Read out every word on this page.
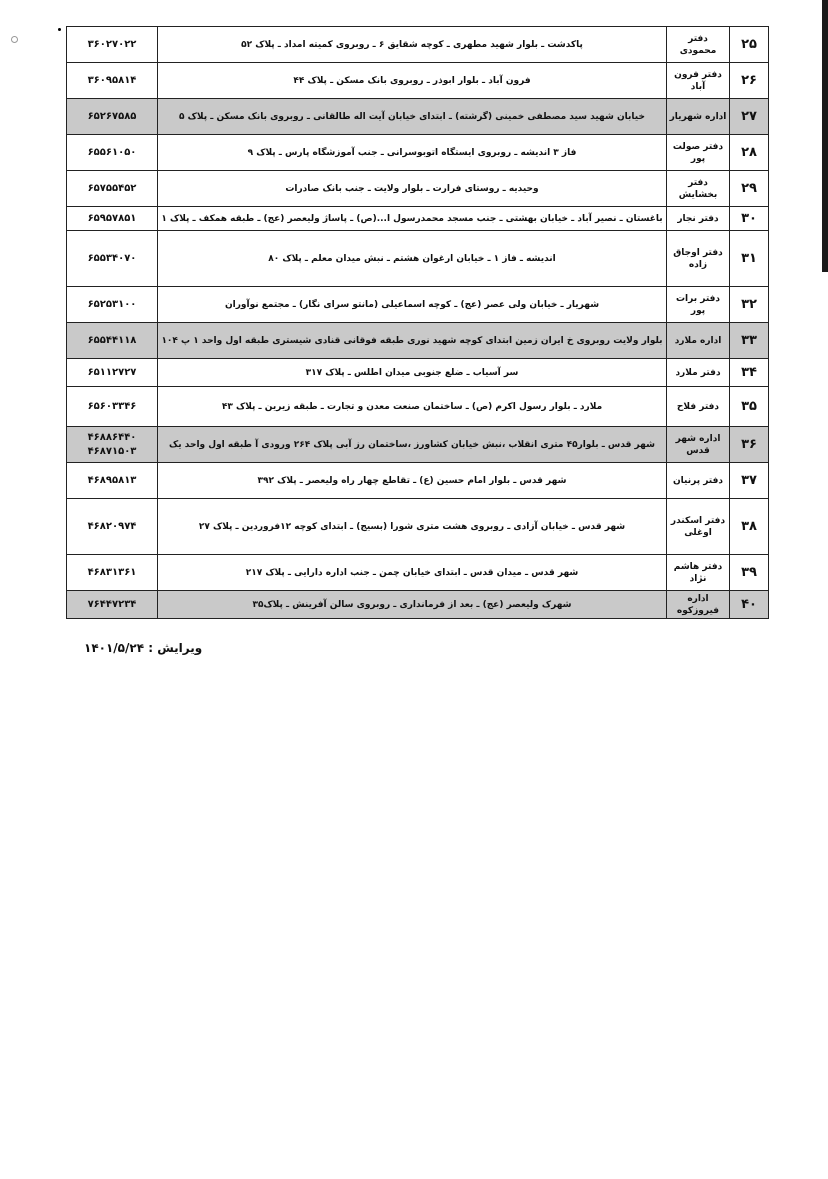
۲۵	دفتر محمودی	پاکدشت ـ بلوار شهید مطهری ـ کوچه شقایق ۶ ـ روبروی کمیته امداد ـ پلاک ۵۲	۳۶۰۲۷۰۲۲

۲۶	دفتر فرون آباد	فرون آباد ـ بلوار ابوذر ـ روبروی بانک مسکن ـ پلاک ۴۴	۳۶۰۹۵۸۱۴

۲۷	اداره شهریار	خیابان شهید سید مصطفی خمینی (گرشته) ـ ابتدای خیابان آیت اله طالقانی ـ روبروی بانک مسکن ـ پلاک ۵	۶۵۲۶۷۵۸۵

۲۸	دفتر صولت پور	فاز ۳ اندیشه ـ روبروی ایستگاه اتوبوسرانی ـ جنب آموزشگاه پارس ـ پلاک ۹	۶۵۵۶۱۰۵۰

۲۹	دفتر بخشایش	وحیدیه ـ روستای فرارت ـ بلوار ولایت ـ جنب بانک صادرات	۶۵۷۵۵۴۵۲

۳۰	دفتر نجار	باغستان ـ نصیر آباد ـ خیابان بهشتی ـ جنب مسجد محمدرسول ا...(ص) ـ پاساژ ولیعصر (عج) ـ طبقه همکف ـ پلاک ۱	۶۵۹۵۷۸۵۱

۳۱	دفتر اوجاق زاده	اندیشه ـ فاز ۱ ـ خیابان ارغوان هشتم ـ نبش میدان معلم ـ پلاک ۸۰	۶۵۵۳۴۰۷۰

۳۲	دفتر برات پور	شهریار ـ خیابان ولی عصر (عج) ـ کوچه اسماعیلی (مانتو سرای نگار) ـ مجتمع نوآوران	۶۵۲۵۳۱۰۰

۳۳	اداره ملارد	بلوار ولایت روبروی خ ایران زمین ابتدای کوچه شهید نوری طبقه فوقانی قنادی شیستری طبقه اول واحد ۱ پ ۱۰۴	۶۵۵۴۴۱۱۸

۳۴	دفتر ملارد	سر آسیاب ـ ضلع جنوبی میدان اطلس ـ پلاک ۳۱۷	۶۵۱۱۲۷۲۷

۳۵	دفتر فلاح	ملارد ـ بلوار رسول اکرم (ص) ـ ساختمان صنعت معدن و تجارت ـ طبقه زیرین ـ پلاک ۴۳	۶۵۶۰۳۳۴۶

۳۶	اداره شهر قدس	شهر قدس ـ بلوار۴۵ متری انقلاب ،نبش خیابان کشاورز ،ساختمان رز آبی پلاک ۲۶۴ ورودی آ طبقه اول واحد یک	۴۶۸۸۶۴۴۰
۴۶۸۷۱۵۰۳

۳۷	دفتر پرنیان	شهر قدس ـ بلوار امام حسین (ع) ـ تقاطع چهار راه ولیعصر ـ پلاک ۳۹۲	۴۶۸۹۵۸۱۳

۳۸	دفتر اسکندر اوغلی	شهر قدس ـ خیابان آزادی ـ روبروی هشت متری شورا (بسیج) ـ ابتدای کوچه ۱۲فروردین ـ پلاک ۲۷	۴۶۸۲۰۹۷۴

۳۹	دفتر هاشم نژاد	شهر قدس ـ میدان قدس ـ ابتدای خیابان چمن ـ جنب اداره دارایی ـ پلاک ۲۱۷	۴۶۸۳۱۳۶۱

۴۰	اداره فیروزکوه	شهرک ولیعصر (عج) ـ بعد از فرمانداری ـ روبروی سالن آفرینش ـ پلاک۳۵	۷۶۴۴۷۲۳۴
ویرایش : ۱۴۰۱/۵/۲۴
